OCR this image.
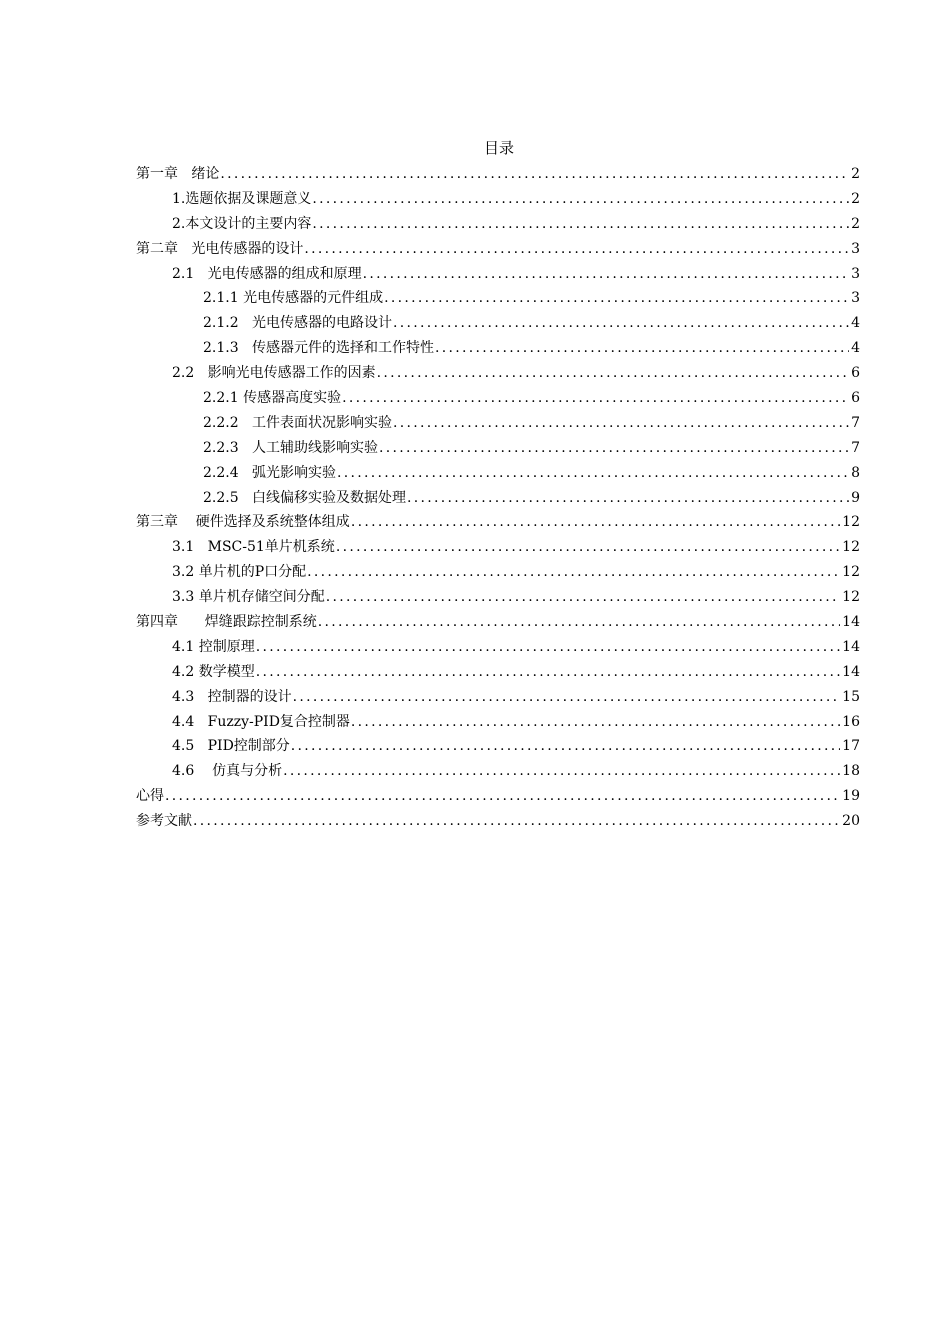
目录
第一章   绪论 .....	2
1.选题依据及课题意义 .....	2
2.本文设计的主要内容 .....	2
第二章   光电传感器的设计 .....	3
2.1   光电传感器的组成和原理 .....	3
2.1.1 光电传感器的元件组成 .....	3
2.1.2   光电传感器的电路设计 .....	4
2.1.3   传感器元件的选择和工作特性 .....	4
2.2   影响光电传感器工作的因素 .....	6
2.2.1 传感器高度实验 .....	6
2.2.2   工件表面状况影响实验 .....	7
2.2.3   人工辅助线影响实验 .....	7
2.2.4   弧光影响实验 .....	8
2.2.5   白线偏移实验及数据处理 .....	9
第三章    硬件选择及系统整体组成 .....	12
3.1   MSC-51单片机系统 .....	12
3.2 单片机的P口分配 .....	12
3.3 单片机存储空间分配 .....	12
第四章      焊缝跟踪控制系统 .....	14
4.1 控制原理 .....	14
4.2 数学模型 .....	14
4.3   控制器的设计 .....	15
4.4   Fuzzy-PID复合控制器 .....	16
4.5   PID控制部分 .....	17
4.6    仿真与分析 .....	18
心得 .....	19
参考文献 .....	20
